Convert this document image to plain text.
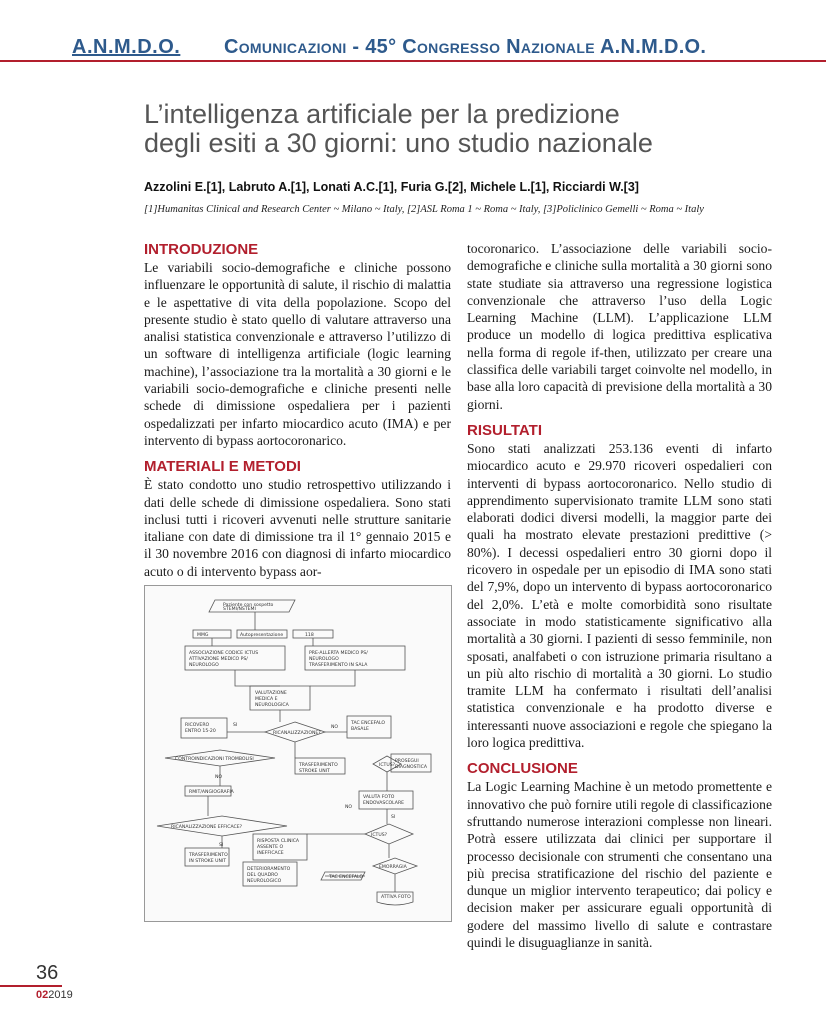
A.N.M.D.O. Comunicazioni - 45° Congresso Nazionale A.N.M.D.O.
L’intelligenza artificiale per la predizione
degli esiti a 30 giorni: uno studio nazionale
Azzolini E.[1], Labruto A.[1], Lonati A.C.[1], Furia G.[2], Michele L.[1], Ricciardi W.[3]
[1]Humanitas Clinical and Research Center ~ Milano ~ Italy, [2]ASL Roma 1 ~ Roma ~ Italy, [3]Policlinico Gemelli ~ Roma ~ Italy
INTRODUZIONE

Le variabili socio-demografiche e cliniche possono influenzare le opportunità di salute, il rischio di malattia e le aspettative di vita della popolazione. Scopo del presente studio è stato quello di valutare attraverso una analisi statistica convenzionale e attraverso l’utilizzo di un software di intelligenza artificiale (logic learning machine), l’associazione tra la mortalità a 30 giorni e le variabili socio-demografiche e cliniche presenti nelle schede di dimissione ospedaliera per i pazienti ospedalizzati per infarto miocardico acuto (IMA) e per intervento di bypass aortocoronarico.

MATERIALI E METODI

È stato condotto uno studio retrospettivo utilizzando i dati delle schede di dimissione ospedaliera. Sono stati inclusi tutti i ricoveri avvenuti nelle strutture sanitarie italiane con date di dimissione tra il 1° gennaio 2015 e il 30 novembre 2016 con diagnosi di infarto miocardico acuto o di intervento bypass aor-

Paziente con sospetto
STEMI/NSTEMI
MMG	Autopresentazione	118
ASSOCIAZIONE CODICE ICTUS
ATTIVAZIONE MEDICO PS/
NEUROLOGO
PRE-ALLERTA MEDICO PS/
NEUROLOGO
TRASFERIMENTO IN SALA
VALUTAZIONE
MEDICA E
NEUROLOGICA
RICOVERO
ENTRO 15-20	RICANALIZZAZIONE?
TAC ENCEFALO
BASALE
CONTROINDICAZIONI TROMBOLISI
RMIT/ANGIOGRAFIA
TRASFERIMENTO
STROKE UNIT
ICTUS?
PROSEGUI
DIAGNOSTICA
VALUTA FOTO
ENDOVASCOLARE
RICANALIZZAZIONE EFFICACE?
TRASFERIMENTO
IN STROKE UNIT
RISPOSTA CLINICA
ASSENTE O
INEFFICACE
ICTUS?
DETERIORAMENTO
DEL QUADRO
NEUROLOGICO
TAC ENCEFALO
EMORRAGIA
ATTIVA FOTO
SI	NO
NO
SI
SI
NO

tocoronarico. L’associazione delle variabili socio-demografiche e cliniche sulla mortalità a 30 giorni sono state studiate sia attraverso una regressione logistica convenzionale che attraverso l’uso della Logic Learning Machine (LLM). L’applicazione LLM produce un modello di logica predittiva esplicativa nella forma di regole if-then, utilizzato per creare una classifica delle variabili target coinvolte nel modello, in base alla loro capacità di previsione della mortalità a 30 giorni.

RISULTATI

Sono stati analizzati 253.136 eventi di infarto miocardico acuto e 29.970 ricoveri ospedalieri con interventi di bypass aortocoronarico. Nello studio di apprendimento supervisionato tramite LLM sono stati elaborati dodici diversi modelli, la maggior parte dei quali ha mostrato elevate prestazioni predittive (> 80%). I decessi ospedalieri entro 30 giorni dopo il ricovero in ospedale per un episodio di IMA sono stati del 7,9%, dopo un intervento di bypass aortocoronarico del 2,0%. L’età e molte comorbidità sono risultate associate in modo statisticamente significativo alla mortalità a 30 giorni. I pazienti di sesso femminile, non sposati, analfabeti o con istruzione primaria risultano a un più alto rischio di mortalità a 30 giorni. Lo studio tramite LLM ha confermato i risultati dell’analisi statistica convenzionale e ha prodotto diverse e interessanti nuove associazioni e regole che spiegano la loro logica predittiva.

CONCLUSIONE

La Logic Learning Machine è un metodo promettente e innovativo che può fornire utili regole di classificazione sfruttando numerose interazioni complesse non lineari. Potrà essere utilizzata dai clinici per supportare il processo decisionale con strumenti che consentano una più precisa stratificazione del rischio del paziente e dunque un miglior intervento terapeutico; dai policy e decision maker per assicurare eguali opportunità di godere del massimo livello di salute e contrastare quindi le disuguaglianze in sanità.

36
022019
